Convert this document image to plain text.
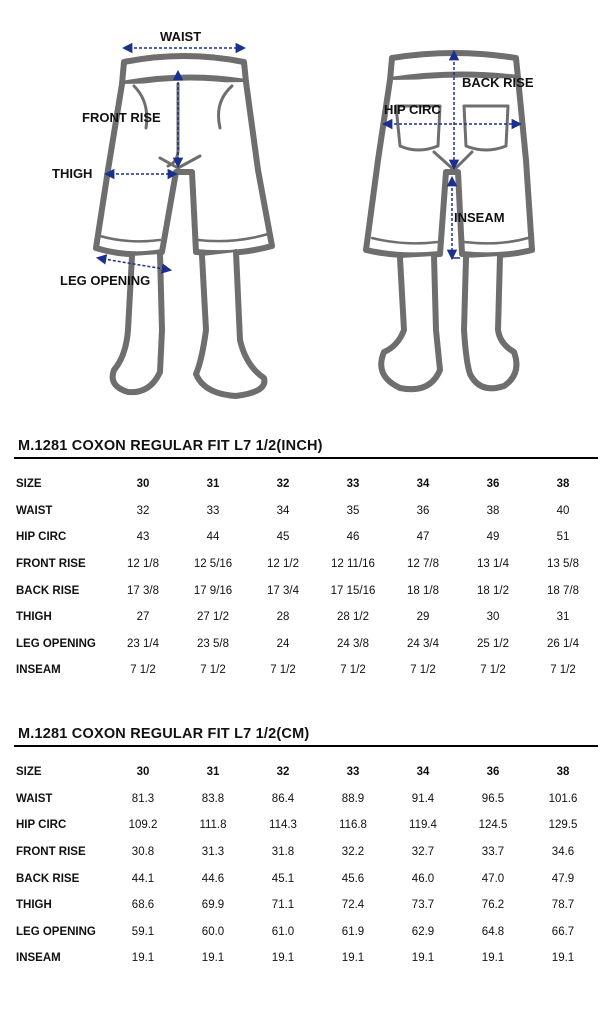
WAIST
FRONT RISE
THIGH
LEG OPENING
BACK RISE
HIP CIRC
INSEAM
M.1281 COXON REGULAR FIT L7 1/2(INCH)
SIZE	30	31	32	33	34	36	38
WAIST	32	33	34	35	36	38	40
HIP CIRC	43	44	45	46	47	49	51
FRONT RISE	12 1/8	12 5/16	12 1/2	12 11/16	12 7/8	13 1/4	13 5/8
BACK RISE	17 3/8	17 9/16	17 3/4	17 15/16	18 1/8	18 1/2	18 7/8
THIGH	27	27 1/2	28	28 1/2	29	30	31
LEG OPENING	23 1/4	23 5/8	24	24 3/8	24 3/4	25 1/2	26 1/4
INSEAM	7 1/2	7 1/2	7 1/2	7 1/2	7 1/2	7 1/2	7 1/2
M.1281 COXON REGULAR FIT L7 1/2(CM)
SIZE	30	31	32	33	34	36	38
WAIST	81.3	83.8	86.4	88.9	91.4	96.5	101.6
HIP CIRC	109.2	111.8	114.3	116.8	119.4	124.5	129.5
FRONT RISE	30.8	31.3	31.8	32.2	32.7	33.7	34.6
BACK RISE	44.1	44.6	45.1	45.6	46.0	47.0	47.9
THIGH	68.6	69.9	71.1	72.4	73.7	76.2	78.7
LEG OPENING	59.1	60.0	61.0	61.9	62.9	64.8	66.7
INSEAM	19.1	19.1	19.1	19.1	19.1	19.1	19.1
